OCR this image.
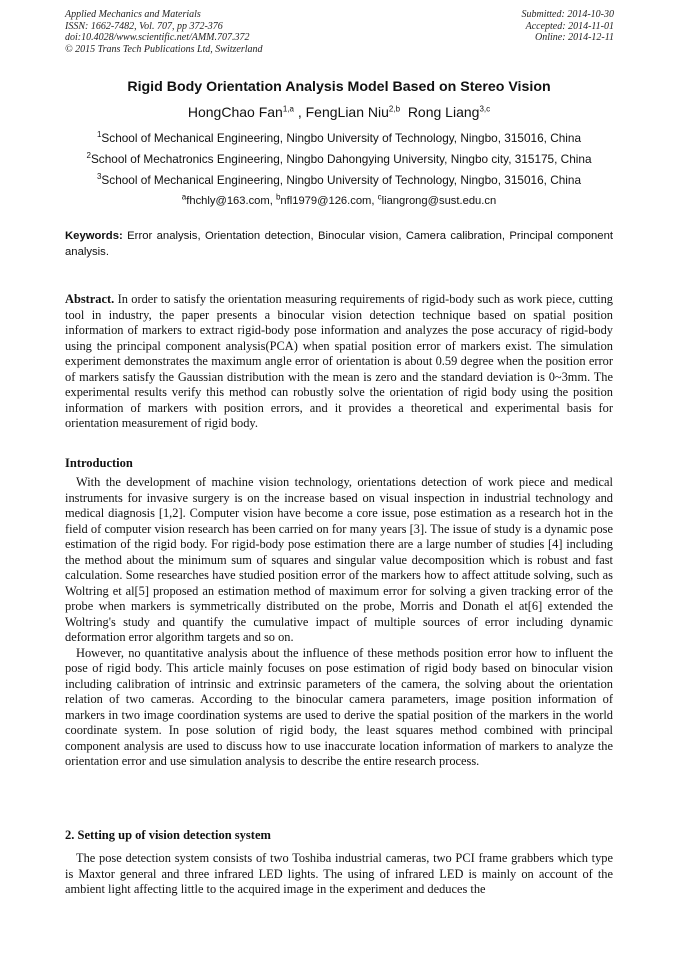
Applied Mechanics and Materials
ISSN: 1662-7482, Vol. 707, pp 372-376
doi:10.4028/www.scientific.net/AMM.707.372
© 2015 Trans Tech Publications Ltd, Switzerland
Submitted: 2014-10-30
Accepted: 2014-11-01
Online: 2014-12-11
Rigid Body Orientation Analysis Model Based on Stereo Vision
HongChao Fan$^{1,a}$ , FengLian Niu$^{2,b}$ Rong Liang$^{3,c}$
$^1$School of Mechanical Engineering, Ningbo University of Technology, Ningbo, 315016, China
$^2$School of Mechatronics Engineering, Ningbo Dahongying University, Ningbo city, 315175, China
$^3$School of Mechanical Engineering, Ningbo University of Technology, Ningbo, 315016, China
$^a$fhchly@163.com, $^b$nfl1979@126.com, $^c$liangrong@sust.edu.cn
Keywords: Error analysis, Orientation detection, Binocular vision, Camera calibration, Principal component analysis.

Abstract. In order to satisfy the orientation measuring requirements of rigid-body such as work piece, cutting tool in industry, the paper presents a binocular vision detection technique based on spatial position information of markers to extract rigid-body pose information and analyzes the pose accuracy of rigid-body using the principal component analysis(PCA) when spatial position error of markers exist. The simulation experiment demonstrates the maximum angle error of orientation is about 0.59 degree when the position error of markers satisfy the Gaussian distribution with the mean is zero and the standard deviation is 0~3mm. The experimental results verify this method can robustly solve the orientation of rigid body using the position information of markers with position errors, and it provides a theoretical and experimental basis for orientation measurement of rigid body.

Introduction

With the development of machine vision technology, orientations detection of work piece and medical instruments for invasive surgery is on the increase based on visual inspection in industrial technology and medical diagnosis [1,2]. Computer vision have become a core issue, pose estimation as a research hot in the field of computer vision research has been carried on for many years [3]. The issue of study is a dynamic pose estimation of the rigid body. For rigid-body pose estimation there are a large number of studies [4] including the method about the minimum sum of squares and singular value decomposition which is robust and fast calculation. Some researches have studied position error of the markers how to affect attitude solving, such as Woltring et al[5] proposed an estimation method of maximum error for solving a given tracking error of the probe when markers is symmetrically distributed on the probe, Morris and Donath el at[6] extended the Woltring's study and quantify the cumulative impact of multiple sources of error including dynamic deformation error algorithm targets and so on.

However, no quantitative analysis about the influence of these methods position error how to influent the pose of rigid body. This article mainly focuses on pose estimation of rigid body based on binocular vision including calibration of intrinsic and extrinsic parameters of the camera, the solving about the orientation relation of two cameras. According to the binocular camera parameters, image position information of markers in two image coordination systems are used to derive the spatial position of the markers in the world coordinate system. In pose solution of rigid body, the least squares method combined with principal component analysis are used to discuss how to use inaccurate location information of markers to analyze the orientation error and use simulation analysis to describe the entire research process.

2. Setting up of vision detection system

The pose detection system consists of two Toshiba industrial cameras, two PCI frame grabbers which type is Maxtor general and three infrared LED lights. The using of infrared LED is mainly on account of the ambient light affecting little to the acquired image in the experiment and deduces the
